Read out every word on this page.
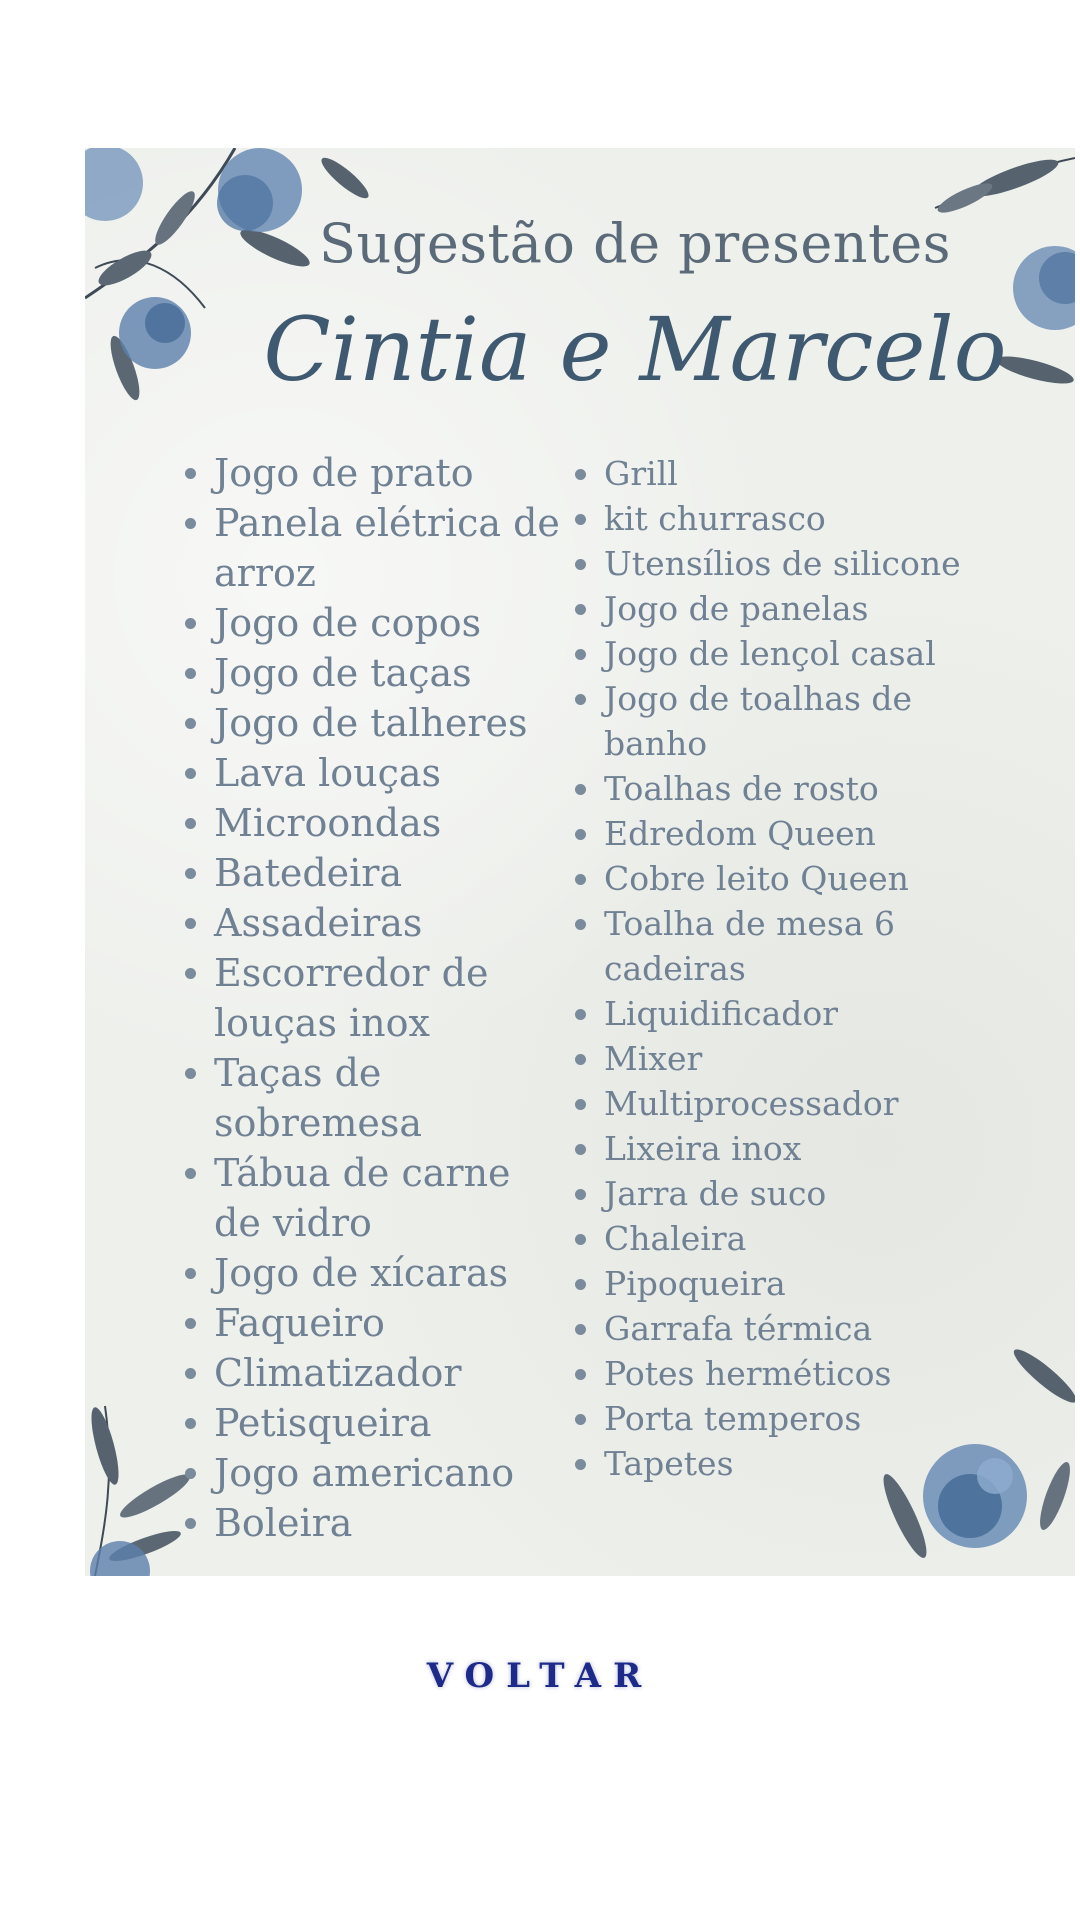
Sugestão de presentes
Cintia e Marcelo
Jogo de prato
Panela elétrica de arroz
Jogo de copos
Jogo de taças
Jogo de talheres
Lava louças
Microondas
Batedeira
Assadeiras
Escorredor de louças inox
Taças de sobremesa
Tábua de carne de vidro
Jogo de xícaras
Faqueiro
Climatizador
Petisqueira
Jogo americano
Boleira
Grill
kit churrasco
Utensílios de silicone
Jogo de panelas
Jogo de lençol casal
Jogo de toalhas de banho
Toalhas de rosto
Edredom Queen
Cobre leito Queen
Toalha de mesa 6 cadeiras
Liquidificador
Mixer
Multiprocessador
Lixeira inox
Jarra de suco
Chaleira
Pipoqueira
Garrafa térmica
Potes herméticos
Porta temperos
Tapetes
VOLTAR
